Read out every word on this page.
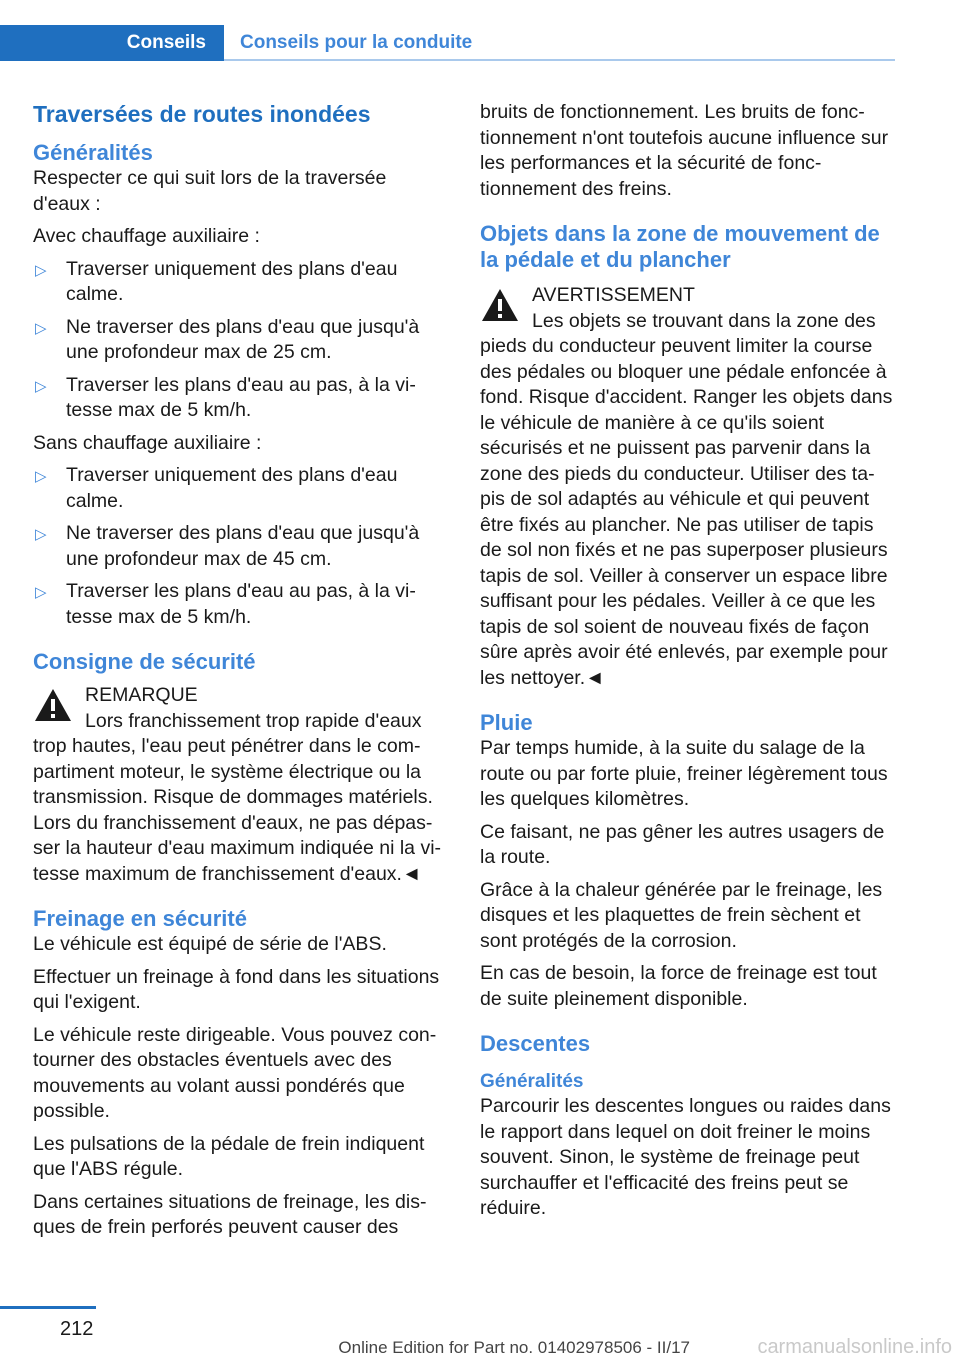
Conseils	Conseils pour la conduite
Traversées de routes inondées
Généralités

Respecter ce qui suit lors de la traversée d'eaux :

Avec chauffage auxiliaire :

▷ Traverser uniquement des plans d'eau calme.
▷ Ne traverser des plans d'eau que jusqu'à une profondeur max de 25 cm.
▷ Traverser les plans d'eau au pas, à la vi-tesse max de 5 km/h.

Sans chauffage auxiliaire :

▷ Traverser uniquement des plans d'eau calme.
▷ Ne traverser des plans d'eau que jusqu'à une profondeur max de 45 cm.
▷ Traverser les plans d'eau au pas, à la vi-tesse max de 5 km/h.
Consigne de sécurité
REMARQUE
Lors franchissement trop rapide d'eaux trop hautes, l'eau peut pénétrer dans le com-partiment moteur, le système électrique ou la transmission. Risque de dommages matériels. Lors du franchissement d'eaux, ne pas dépas-ser la hauteur d'eau maximum indiquée ni la vi-tesse maximum de franchissement d'eaux.◄
Freinage en sécurité

Le véhicule est équipé de série de l'ABS.

Effectuer un freinage à fond dans les situations qui l'exigent.

Le véhicule reste dirigeable. Vous pouvez con-tourner des obstacles éventuels avec des mouvements au volant aussi pondérés que possible.

Les pulsations de la pédale de frein indiquent que l'ABS régule.

Dans certaines situations de freinage, les dis-ques de frein perforés peuvent causer des

bruits de fonctionnement. Les bruits de fonc-tionnement n'ont toutefois aucune influence sur les performances et la sécurité de fonc-tionnement des freins.

Objets dans la zone de mouvement de la pédale et du plancher
AVERTISSEMENT
Les objets se trouvant dans la zone des pieds du conducteur peuvent limiter la course des pédales ou bloquer une pédale enfoncée à fond. Risque d'accident. Ranger les objets dans le véhicule de manière à ce qu'ils soient sécurisés et ne puissent pas parvenir dans la zone des pieds du conducteur. Utiliser des ta-pis de sol adaptés au véhicule et qui peuvent être fixés au plancher. Ne pas utiliser de tapis de sol non fixés et ne pas superposer plusieurs tapis de sol. Veiller à conserver un espace libre suffisant pour les pédales. Veiller à ce que les tapis de sol soient de nouveau fixés de façon sûre après avoir été enlevés, par exemple pour les nettoyer.◄
Pluie

Par temps humide, à la suite du salage de la route ou par forte pluie, freiner légèrement tous les quelques kilomètres.

Ce faisant, ne pas gêner les autres usagers de la route.

Grâce à la chaleur générée par le freinage, les disques et les plaquettes de frein sèchent et sont protégés de la corrosion.

En cas de besoin, la force de freinage est tout de suite pleinement disponible.

Descentes
Généralités

Parcourir les descentes longues ou raides dans le rapport dans lequel on doit freiner le moins souvent. Sinon, le système de freinage peut surchauffer et l'efficacité des freins peut se réduire.

212
Online Edition for Part no. 01402978506 - II/17	carmanualsonline.info
